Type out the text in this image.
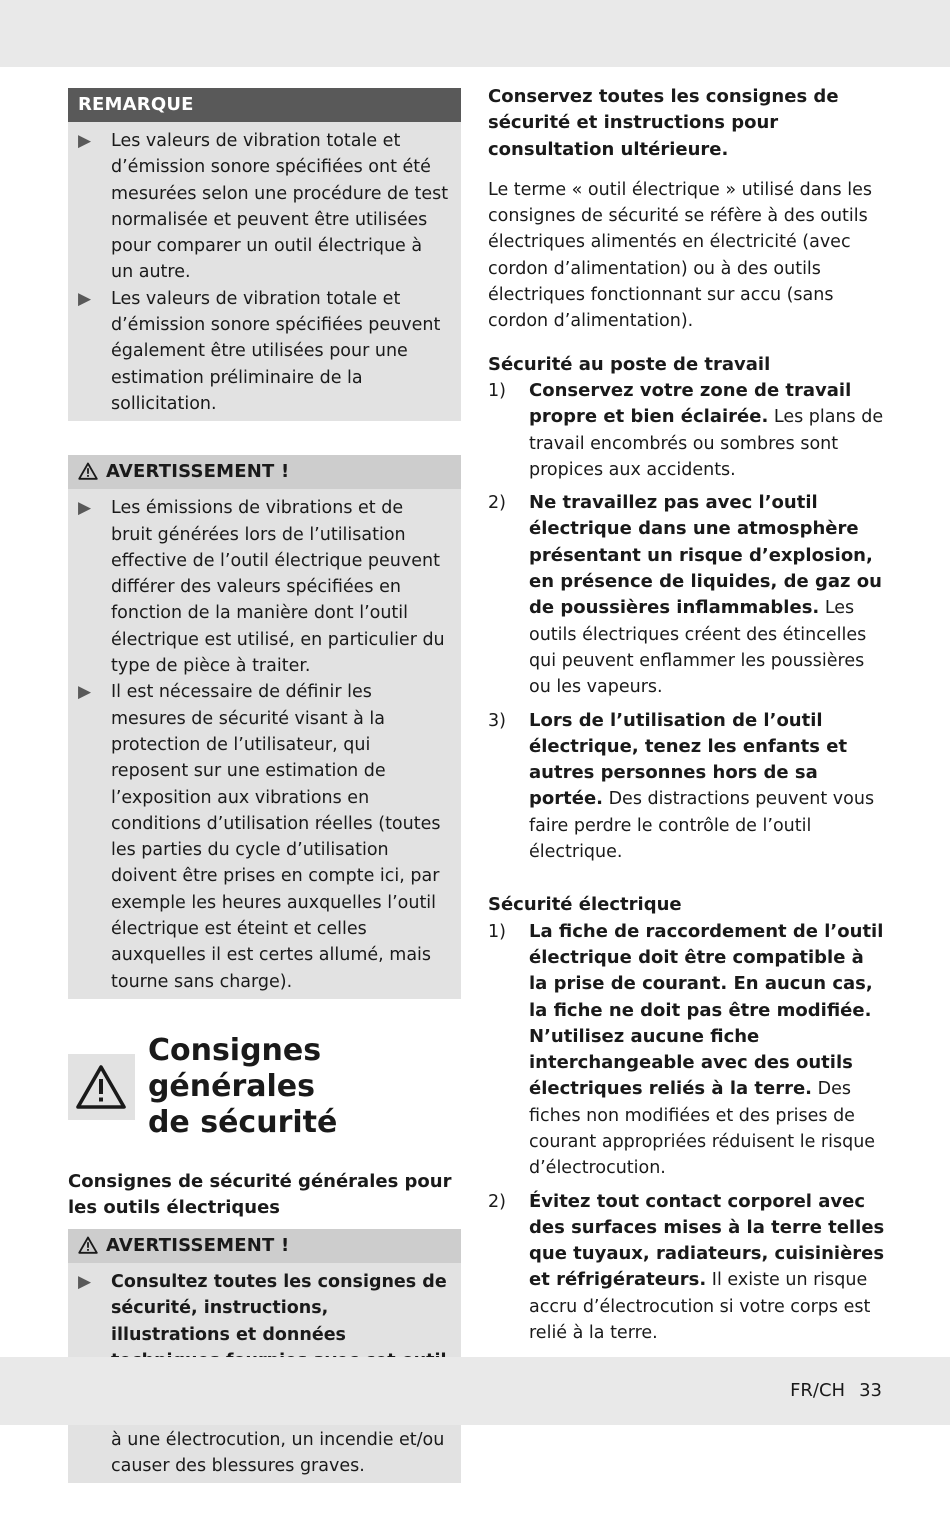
REMARQUE
▶	Les valeurs de vibration totale et d’émission sonore spécifiées ont été mesurées selon une procédure de test normalisée et peuvent être utilisées pour comparer un outil électrique à un autre.
▶	Les valeurs de vibration totale et d’émission sonore spécifiées peuvent également être utilisées pour une estimation préliminaire de la sollicitation.
AVERTISSEMENT !
▶	Les émissions de vibrations et de bruit générées lors de l’utilisation effective de l’outil électrique peuvent différer des valeurs spécifiées en fonction de la manière dont l’outil électrique est utilisé, en particulier du type de pièce à traiter.
▶	Il est nécessaire de définir les mesures de sécurité visant à la protection de l’utilisateur, qui reposent sur une estimation de l’exposition aux vibrations en conditions d’utilisation réelles (toutes les parties du cycle d’utilisation doivent être prises en compte ici, par exemple les heures auxquelles l’outil électrique est éteint et celles auxquelles il est certes allumé, mais tourne sans charge).
Consignes générales
de sécurité
Consignes de sécurité générales pour les outils électriques
AVERTISSEMENT !
▶	Consultez toutes les consignes de sécurité, instructions, illustrations et données à une électrocution, un incendie et/ou causer des blessures graves.

Conservez toutes les consignes de sécurité et instructions pour consultation ultérieure.

Le terme « outil électrique » utilisé dans les consignes de sécurité se réfère à des outils électriques alimentés en électricité (avec cordon d’alimentation) ou à des outils électriques fonctionnant sur accu (sans cordon d’alimentation).

Sécurité au poste de travail
1)	Conservez votre zone de travail propre et bien éclairée. Les plans de travail encombrés ou sombres sont propices aux accidents.
2)	Ne travaillez pas avec l’outil électrique dans une atmosphère présentant un risque d’explosion, en présence de liquides, de gaz ou de poussières inflammables. Les outils électriques créent des étincelles qui peuvent enflammer les poussières ou les vapeurs.
3)	Lors de l’utilisation de l’outil électrique, tenez les enfants et autres personnes hors de sa portée. Des distractions peuvent vous faire perdre le contrôle de l’outil électrique.
Sécurité électrique
1)	La fiche de raccordement de l’outil électrique doit être compatible à la prise de courant. En aucun cas, la fiche ne doit pas être modifiée. N’utilisez aucune fiche interchangeable avec des outils électriques reliés à la terre. Des fiches non modifiées et des prises de courant appropriées réduisent le risque d’électrocution.
2)	Évitez tout contact corporel avec des surfaces mises à la terre telles que tuyaux, radiateurs, cuisinières et réfrigérateurs. Il existe un risque accru d’électrocution si votre corps est relié à la terre.
FR/CH 33
